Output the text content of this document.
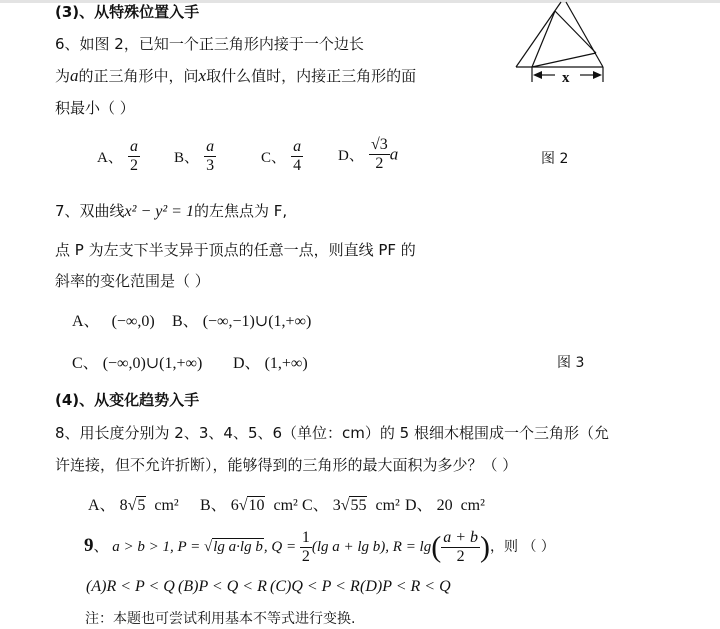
(3)、从特殊位置入手
6、如图 2，已知一个正三角形内接于一个边长
为a的正三角形中，问x取什么值时，内接正三角形的面
积最小（ ）
A、 $\frac{a}{2}$ B、 $\frac{a}{3}$	C、 $\frac{a}{4}$ D、 $\frac{√3}{2}$ a
x
图 2
7、双曲线x² − y² = 1的左焦点为 F,
点 P 为左支下半支异于顶点的任意一点，则直线 PF 的
斜率的变化范围是（ ）
A、 (−∞,0) B、 (−∞,−1)∪(1,+∞)
C、 (−∞,0)∪(1,+∞) D、 (1,+∞)	图 3
(4)、从变化趋势入手
8、用长度分别为 2、3、4、5、6（单位：cm）的 5 根细木棍围成一个三角形（允
许连接，但不允许折断），能够得到的三角形的最大面积为多少？（ ）
A、 8√5 cm² B、 6√10 cm² C、 3√55 cm² D、 20 cm²
9、 a > b > 1, P = √lg a·lg b, $Q = \frac{1}{2} (\lg$ a + lg b), $R = \lg( \frac{a + b}{2}$ )，则 （ ）
(A)R < P < Q (B)P < Q < R (C)Q < P < R (D)P < R < Q
注：本题也可尝试利用基本不等式进行变换.
